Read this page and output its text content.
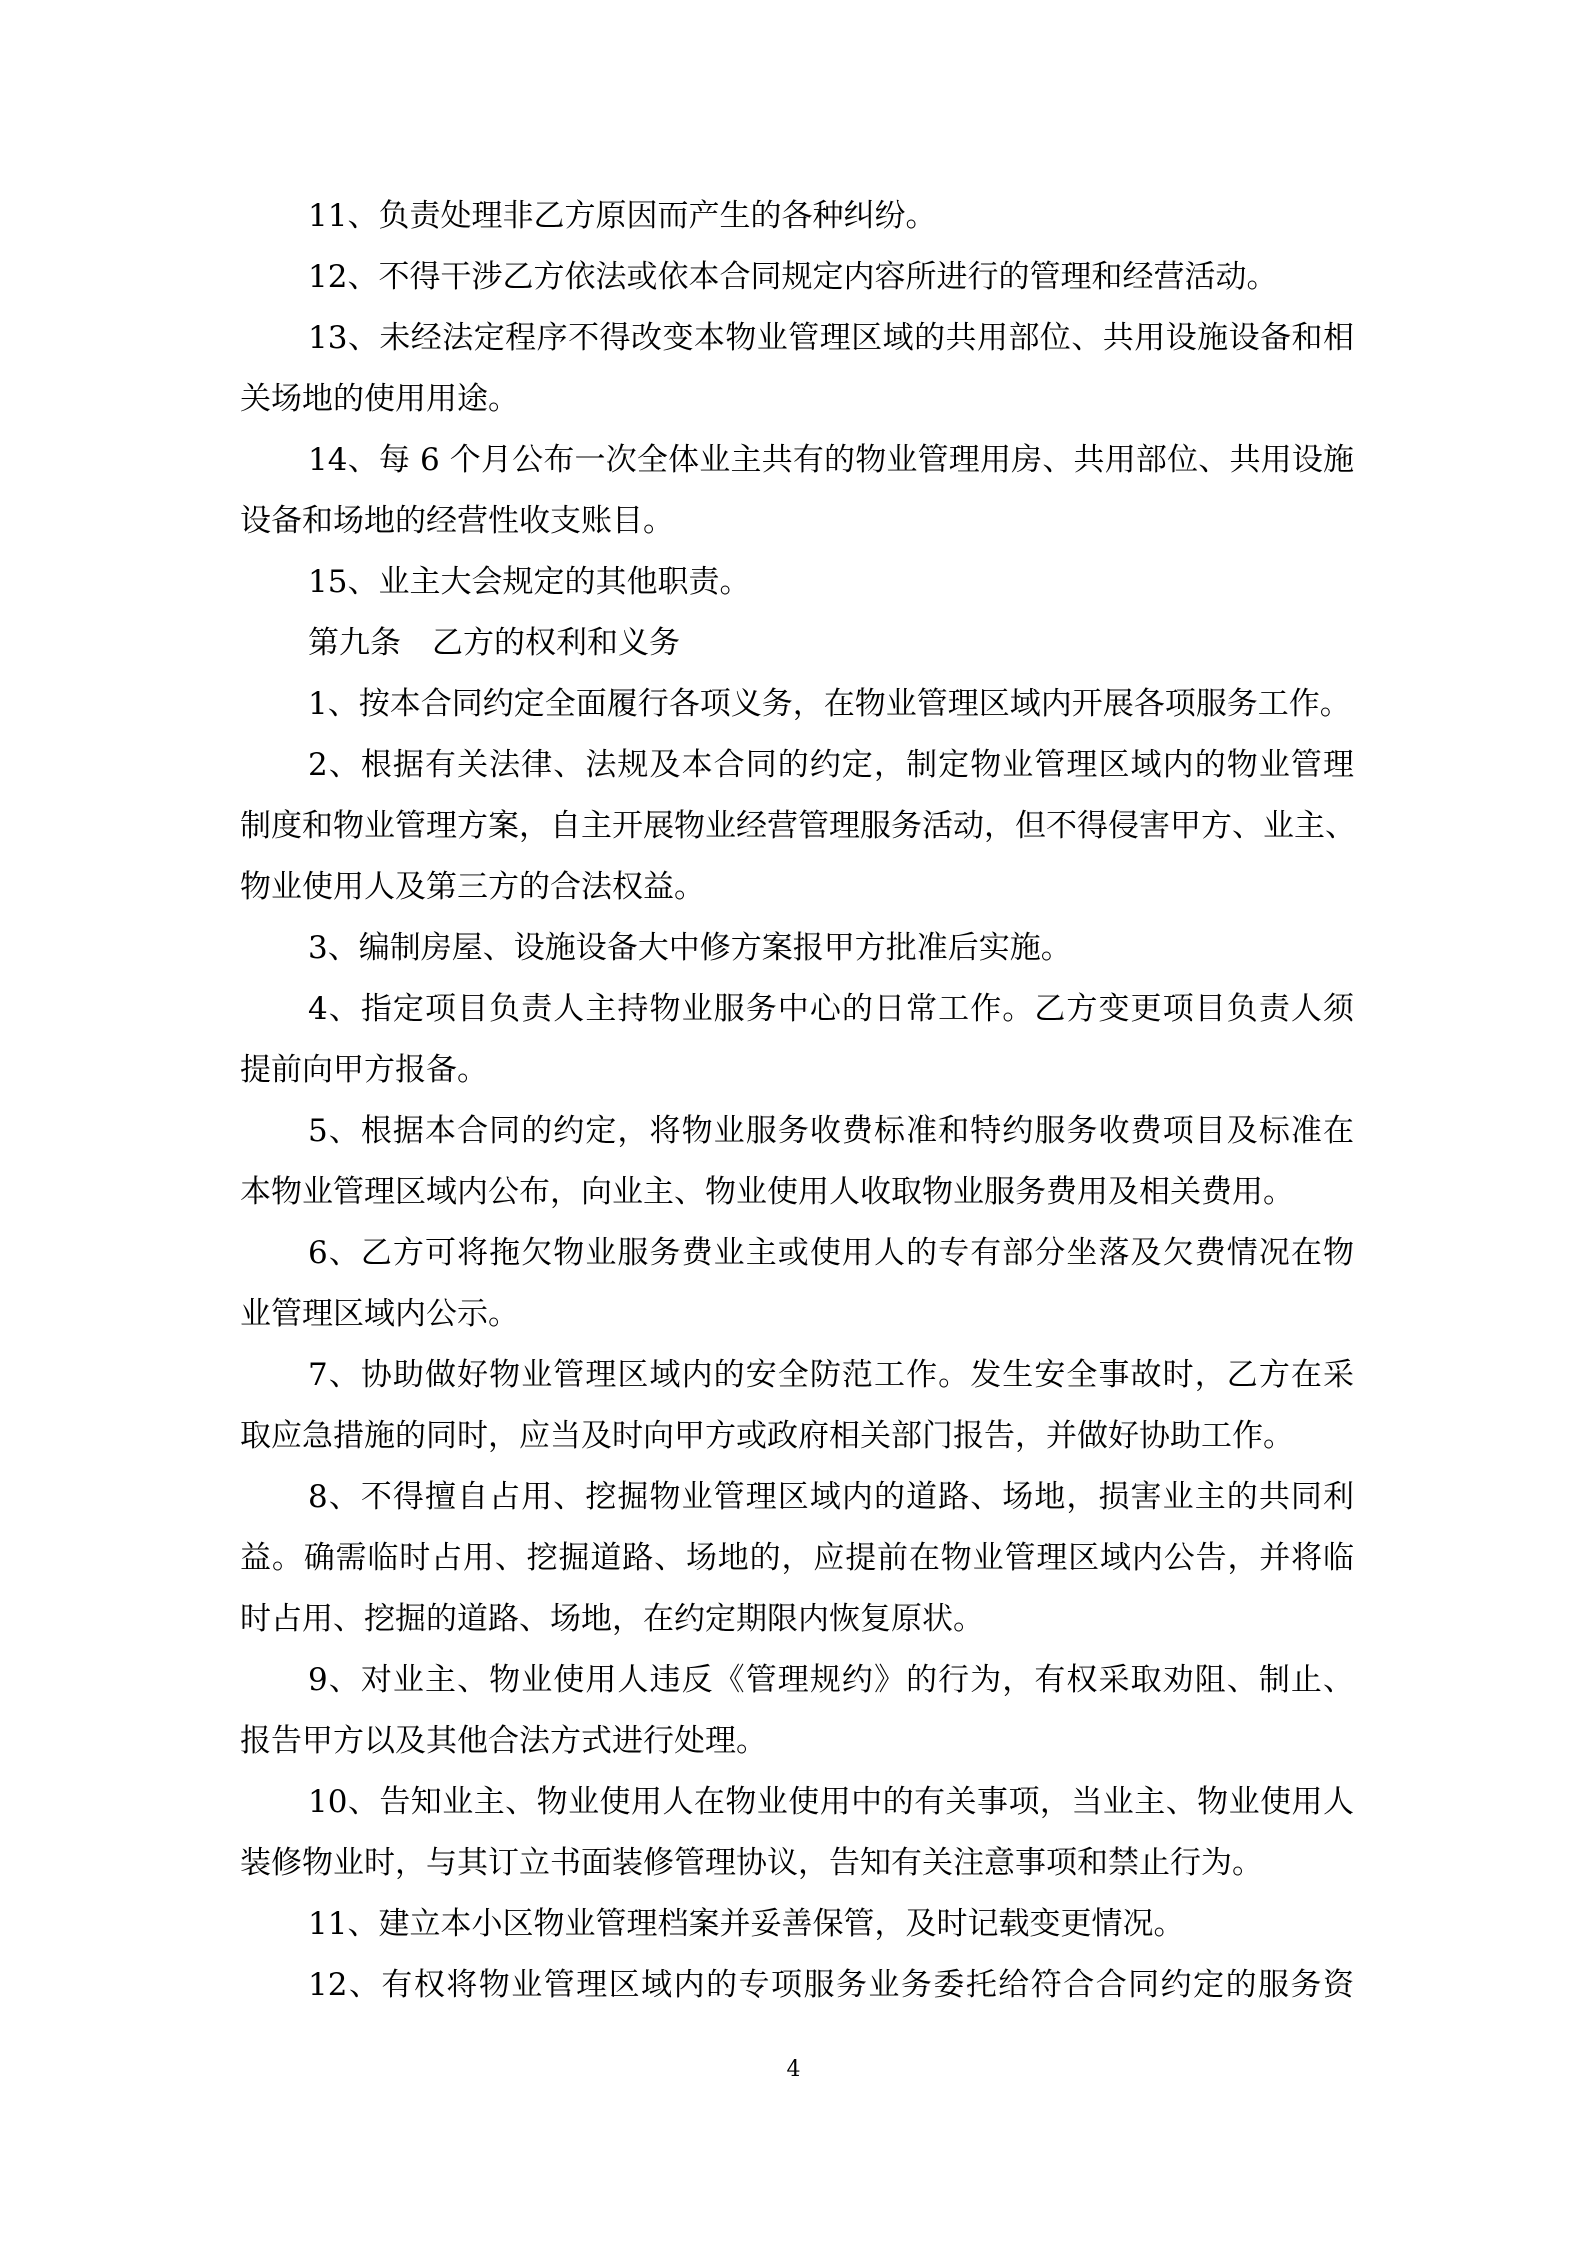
11、负责处理非乙方原因而产生的各种纠纷。
12、不得干涉乙方依法或依本合同规定内容所进行的管理和经营活动。
13、未经法定程序不得改变本物业管理区域的共用部位、共用设施设备和相
关场地的使用用途。
14、每 6 个月公布一次全体业主共有的物业管理用房、共用部位、共用设施
设备和场地的经营性收支账目。
15、业主大会规定的其他职责。
第九条　乙方的权利和义务
1、按本合同约定全面履行各项义务，在物业管理区域内开展各项服务工作。
2、根据有关法律、法规及本合同的约定，制定物业管理区域内的物业管理
制度和物业管理方案，自主开展物业经营管理服务活动，但不得侵害甲方、业主、
物业使用人及第三方的合法权益。
3、编制房屋、设施设备大中修方案报甲方批准后实施。
4、指定项目负责人主持物业服务中心的日常工作。乙方变更项目负责人须
提前向甲方报备。
5、根据本合同的约定，将物业服务收费标准和特约服务收费项目及标准在
本物业管理区域内公布，向业主、物业使用人收取物业服务费用及相关费用。
6、乙方可将拖欠物业服务费业主或使用人的专有部分坐落及欠费情况在物
业管理区域内公示。
7、协助做好物业管理区域内的安全防范工作。发生安全事故时，乙方在采
取应急措施的同时，应当及时向甲方或政府相关部门报告，并做好协助工作。
8、不得擅自占用、挖掘物业管理区域内的道路、场地，损害业主的共同利
益。确需临时占用、挖掘道路、场地的，应提前在物业管理区域内公告，并将临
时占用、挖掘的道路、场地，在约定期限内恢复原状。
9、对业主、物业使用人违反《管理规约》的行为，有权采取劝阻、制止、
报告甲方以及其他合法方式进行处理。
10、告知业主、物业使用人在物业使用中的有关事项，当业主、物业使用人
装修物业时，与其订立书面装修管理协议，告知有关注意事项和禁止行为。
11、建立本小区物业管理档案并妥善保管，及时记载变更情况。
12、有权将物业管理区域内的专项服务业务委托给符合合同约定的服务资
4
